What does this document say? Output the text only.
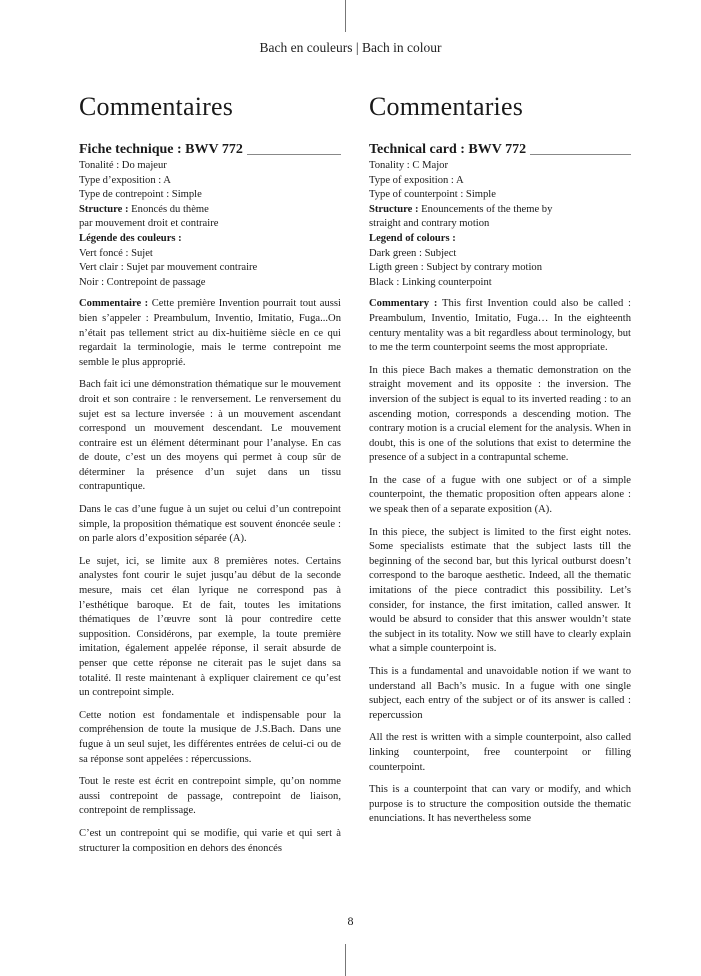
Bach en couleurs | Bach in colour
Commentaires
Fiche technique : BWV 772
Tonalité : Do majeur
Type d’exposition : A
Type de contrepoint : Simple
Structure : Enoncés du thème
par mouvement droit et contraire
Légende des couleurs :
Vert foncé : Sujet
Vert clair : Sujet par mouvement contraire
Noir : Contrepoint de passage

Commentaire : Cette première Invention pourrait tout aussi bien s’appeler : Preambulum, Inventio, Imitatio, Fuga...On n’était pas tellement strict au dix-huitième siècle en ce qui regardait la terminologie, mais le terme contrepoint me semble le plus approprié.

Bach fait ici une démonstration thématique sur le mouvement droit et son contraire : le renversement. Le renversement du sujet est sa lecture inversée : à un mouvement ascendant correspond un mouvement descendant. Le mouvement contraire est un élément déterminant pour l’analyse. En cas de doute, c’est un des moyens qui permet à coup sûr de déterminer la présence d’un sujet dans un tissu contrapuntique.

Dans le cas d’une fugue à un sujet ou celui d’un contrepoint simple, la proposition thématique est souvent énoncée seule : on parle alors d’exposition séparée (A).

Le sujet, ici, se limite aux 8 premières notes. Certains analystes font courir le sujet jusqu’au début de la seconde mesure, mais cet élan lyrique ne correspond pas à l’esthétique baroque. Et de fait, toutes les imitations thématiques de l’œuvre sont là pour contredire cette supposition. Considérons, par exemple, la toute première imitation, également appelée réponse, il serait absurde de penser que cette réponse ne citerait pas le sujet dans sa totalité. Il reste maintenant à expliquer clairement ce qu’est un contrepoint simple.

Cette notion est fondamentale et indispensable pour la compréhension de toute la musique de J.S.Bach. Dans une fugue à un seul sujet, les différentes entrées de celui-ci ou de sa réponse sont appelées : répercussions.

Tout le reste est écrit en contrepoint simple, qu’on nomme aussi contrepoint de passage, contrepoint de liaison, contrepoint de remplissage.

C’est un contrepoint qui se modifie, qui varie et qui sert à structurer la composition en dehors des énoncés

Commentaries
Technical card : BWV 772
Tonality : C Major
Type of exposition : A
Type of counterpoint : Simple
Structure : Enouncements of the theme by
straight and contrary motion
Legend of colours :
Dark green : Subject
Ligth green : Subject by contrary motion
Black : Linking counterpoint

Commentary : This first Invention could also be called : Preambulum, Inventio, Imitatio, Fuga… In the eighteenth century mentality was a bit regardless about terminology, but to me the term counterpoint seems the most appropriate.

In this piece Bach makes a thematic demonstration on the straight movement and its opposite : the inversion. The inversion of the subject is equal to its inverted reading : to an ascending motion, corresponds a descending motion. The contrary motion is a crucial element for the analysis. When in doubt, this is one of the solutions that exist to determine the presence of a subject in a contrapuntal scheme.

In the case of a fugue with one subject or of a simple counterpoint, the thematic proposition often appears alone : we speak then of a separate exposition (A).

In this piece, the subject is limited to the first eight notes. Some specialists estimate that the subject lasts till the beginning of the second bar, but this lyrical outburst doesn’t correspond to the baroque aesthetic. Indeed, all the thematic imitations of the piece contradict this possibility. Let’s consider, for instance, the first imitation, called answer. It would be absurd to consider that this answer wouldn’t state the subject in its totality. Now we still have to clearly explain what a simple counterpoint is.

This is a fundamental and unavoidable notion if we want to understand all Bach’s music. In a fugue with one single subject, each entry of the subject or of its answer is called : repercussion

All the rest is written with a simple counterpoint, also called linking counterpoint, free counterpoint or filling counterpoint.

This is a counterpoint that can vary or modify, and which purpose is to structure the composition outside the thematic enunciations. It has nevertheless some

8
